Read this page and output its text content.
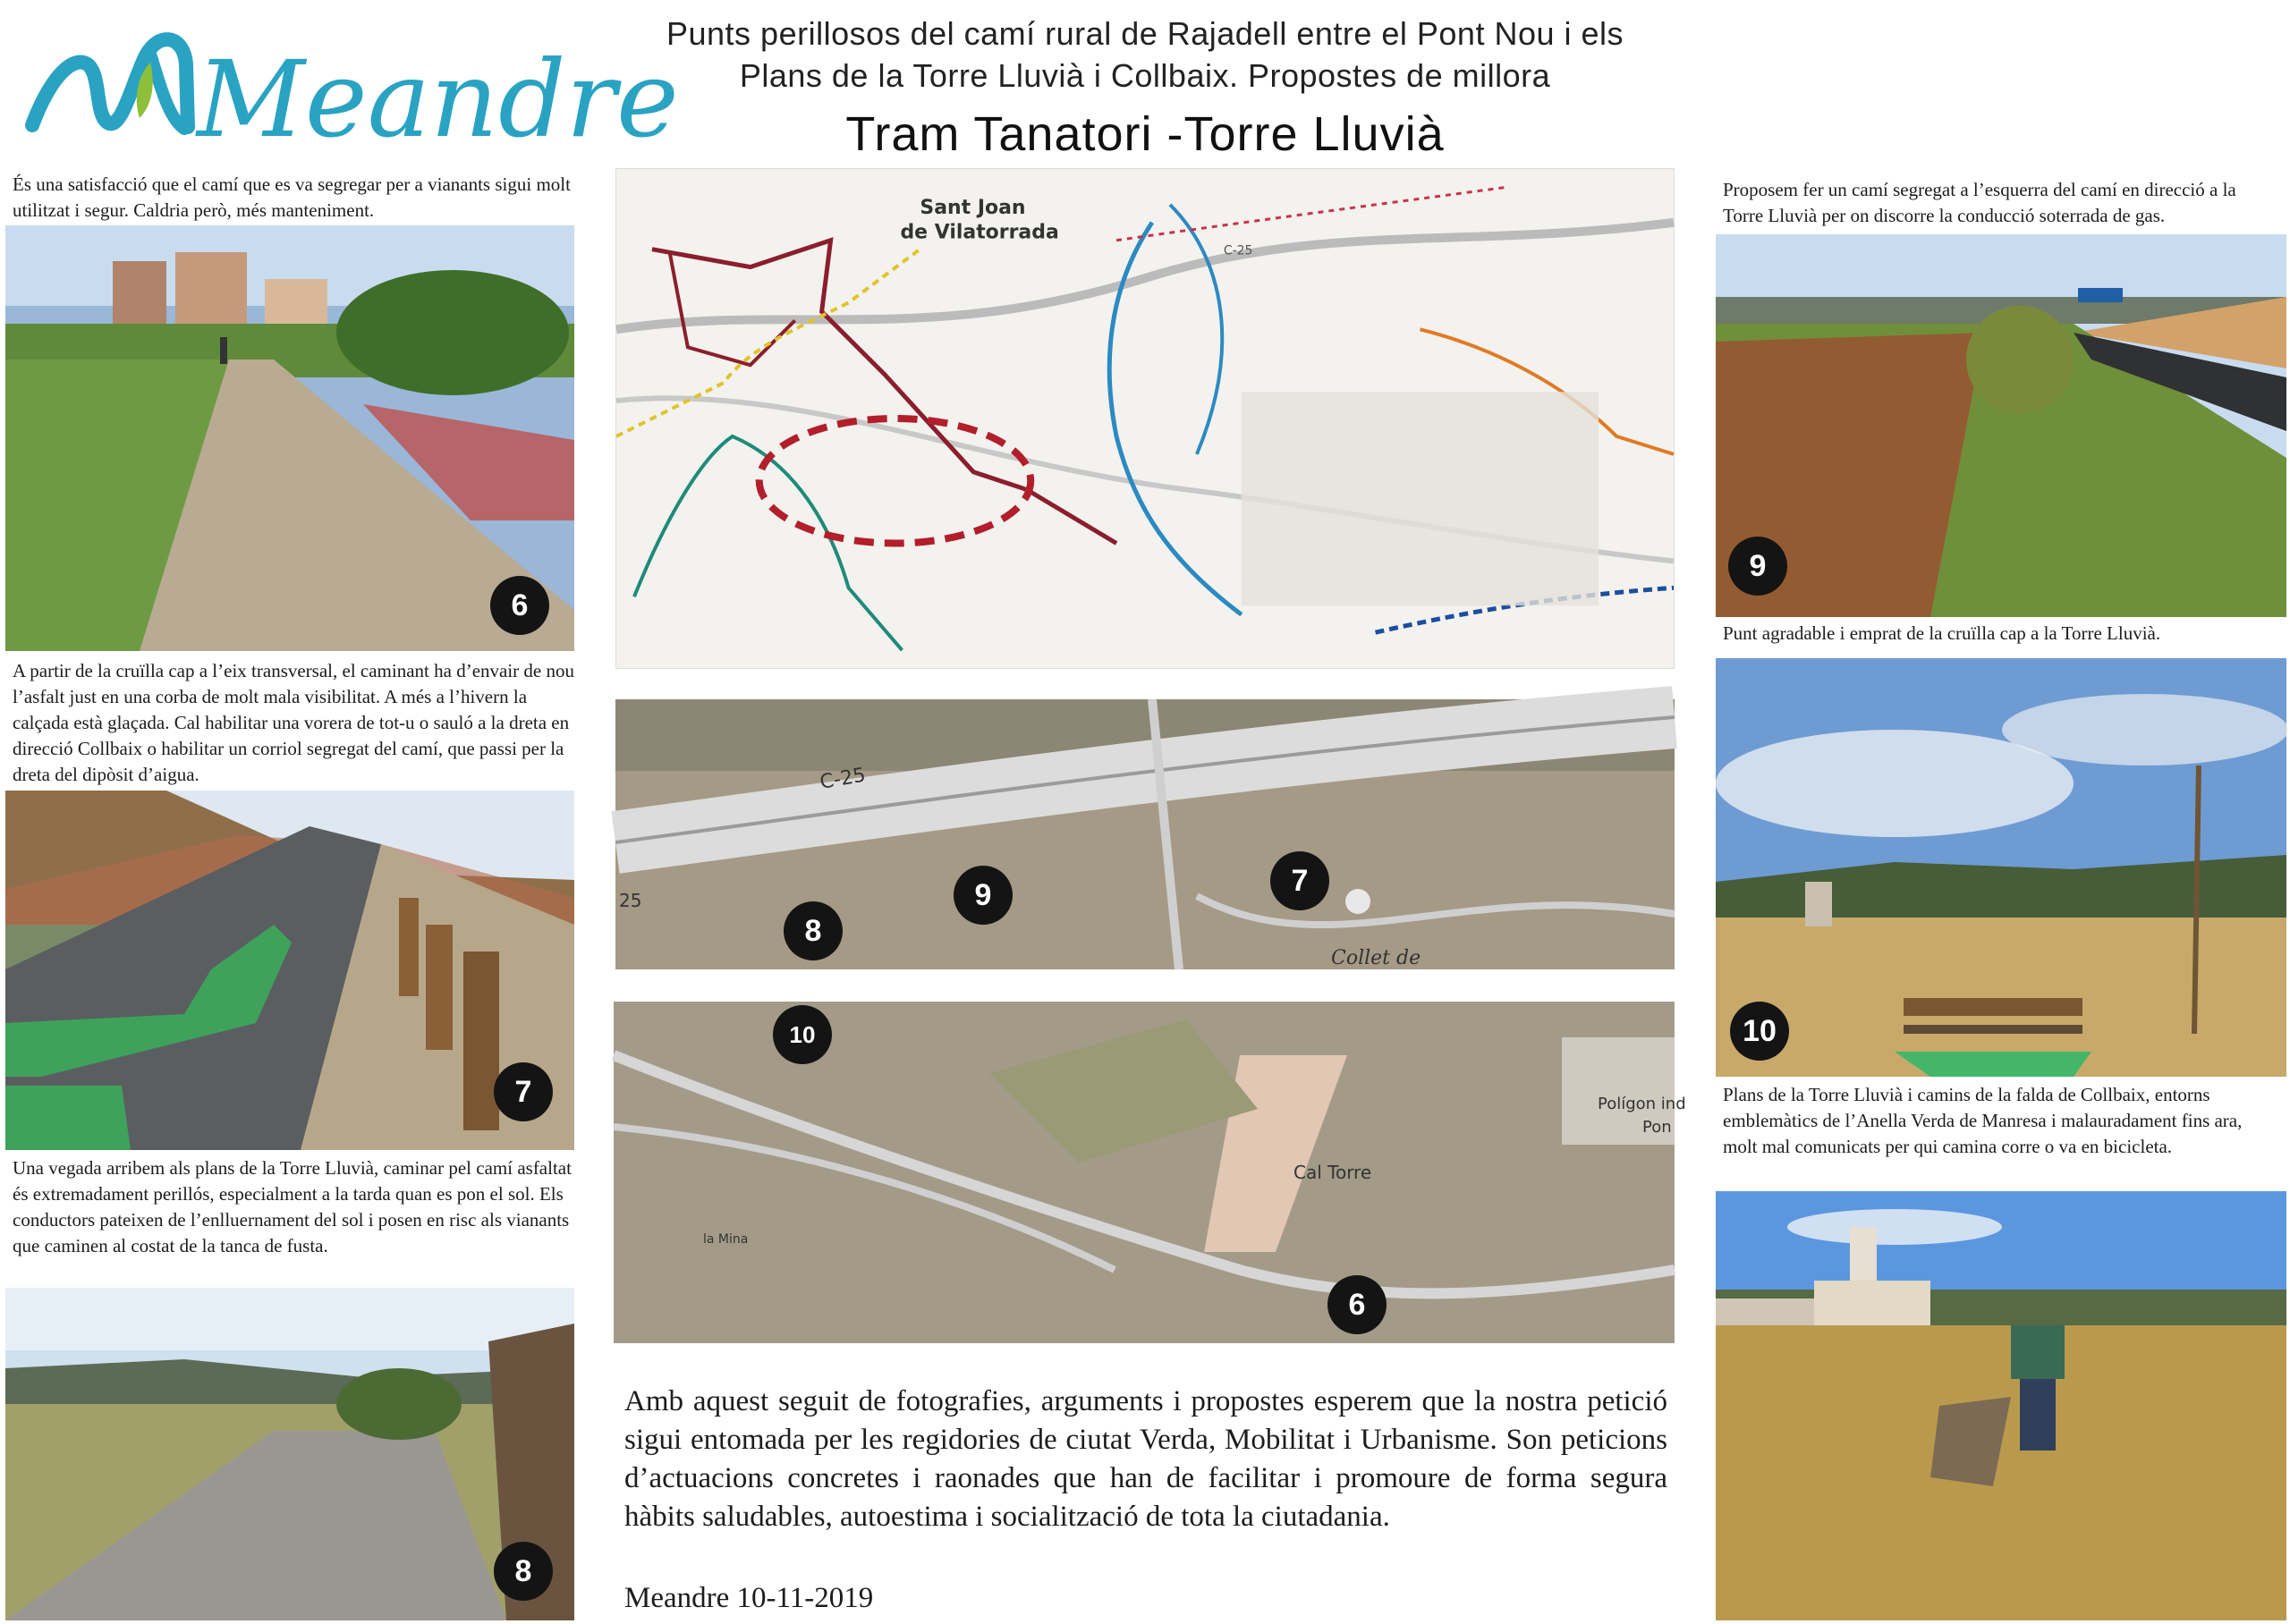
Meandre
Punts perillosos del camí rural de Rajadell entre el Pont Nou i els
Plans de la Torre Lluvià i Collbaix. Propostes de millora
Tram Tanatori -Torre Lluvià
És una satisfacció que el camí que es va segregar per a vianants sigui molt utilitzat i segur. Caldria però, més manteniment.
6
A partir de la cruïlla cap a l’eix transversal, el caminant ha d’envair de nou l’asfalt just en una corba de molt mala visibilitat. A més a l’hivern la calçada està glaçada. Cal habilitar una vorera de tot-u o sauló a la dreta en direcció Collbaix o habilitar un corriol segregat del camí, que passi per la dreta del dipòsit d’aigua.
7
Una vegada arribem als plans de la Torre Lluvià, caminar pel camí asfaltat és extremadament perillós, especialment a la tarda quan es pon el sol. Els conductors pateixen de l’enlluernament del sol i posen en risc als vianants que caminen al costat de la tanca de fusta.
8
Sant Joan
de Vilatorrada
C-25
C-25
25
Collet de
8
9	7
Cal Torre
Polígon ind
Pon
la Mina
10
6
Amb aquest seguit de fotografies, arguments i propostes esperem que la nostra petició sigui entomada per les regidories de ciutat Verda, Mobilitat i Urbanisme. Son peticions d’actuacions concretes i raonades que han de facilitar i promoure de forma segura hàbits saludables, autoestima i socialització de tota la ciutadania.
Meandre 10-11-2019
Proposem fer un camí segregat a l’esquerra del camí en direcció a la Torre Lluvià per on discorre la conducció soterrada de gas.
9
Punt agradable i emprat de la cruïlla cap a la Torre Lluvià.
10
Plans de la Torre Lluvià i camins de la falda de Collbaix, entorns emblemàtics de l’Anella Verda de Manresa i malauradament fins ara, molt mal comunicats per qui camina corre o va en bicicleta.
